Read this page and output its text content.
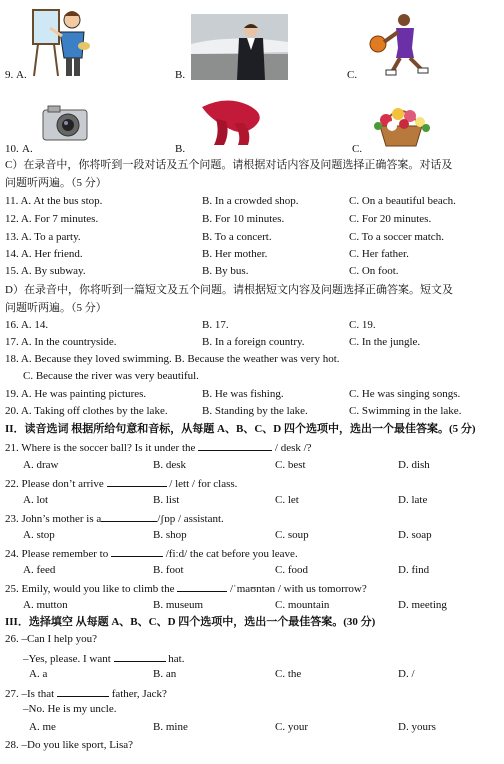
9. A.	B.	C.
10. A.	B.	C.
C）在录音中，你将听到一段对话及五个问题。请根据对话内容及问题选择正确答案。对话及
问题听两遍。（5 分）
11. A. At the bus stop.	B. In a crowded shop.	C. On a beautiful beach.
12. A. For 7 minutes.	B. For 10 minutes.	C. For 20 minutes.
13. A. To a party.	B. To a concert.	C. To a soccer match.
14. A. Her friend.	B. Her mother.	C. Her father.
15. A. By subway.	B. By bus.	C. On foot.
D）在录音中，你将听到一篇短文及五个问题。请根据短文内容及问题选择正确答案。短文及
问题听两遍。（5 分）
16. A. 14.	B. 17.	C. 19.
17. A. In the countryside.	B. In a foreign country.	C. In the jungle.
18. A. Because they loved swimming. B. Because the weather was very hot.
C. Because the river was very beautiful.
19. A. He was painting pictures.	B. He was fishing.	C. He was singing songs.
20. A. Taking off clothes by the lake.	B. Standing by the lake.	C. Swimming in the lake.
II．读音选词 根据所给句意和音标，从每题 A、B、C、D 四个选项中，选出一个最佳答案。(5 分)
21. Where is the soccer ball? Is it under the	/ desk /?
A. draw	B. desk	C. best	D. dish
22. Please don’t arrive	/ lett / for class.
A. lot	B. list	C. let	D. late
23. John’s mother is a	/ʃɒp / assistant.
A. stop	B. shop	C. soup	D. soap
24. Please remember to	/fiːd/ the cat before you leave.
A. feed	B. foot	C. food	D. find
25. Emily, would you like to climb the	/ˈmaʊntən / with us tomorrow?
A. mutton	B. museum	C. mountain	D. meeting
III．选择填空 从每题 A、B、C、D 四个选项中，选出一个最佳答案。(30 分)
26. –Can I help you?
–Yes, please. I want	hat.
A. a	B. an	C. the	D. /
27. –Is that	father, Jack?
–No. He is my uncle.
A. me	B. mine	C. your	D. yours
28. –Do you like sport, Lisa?
